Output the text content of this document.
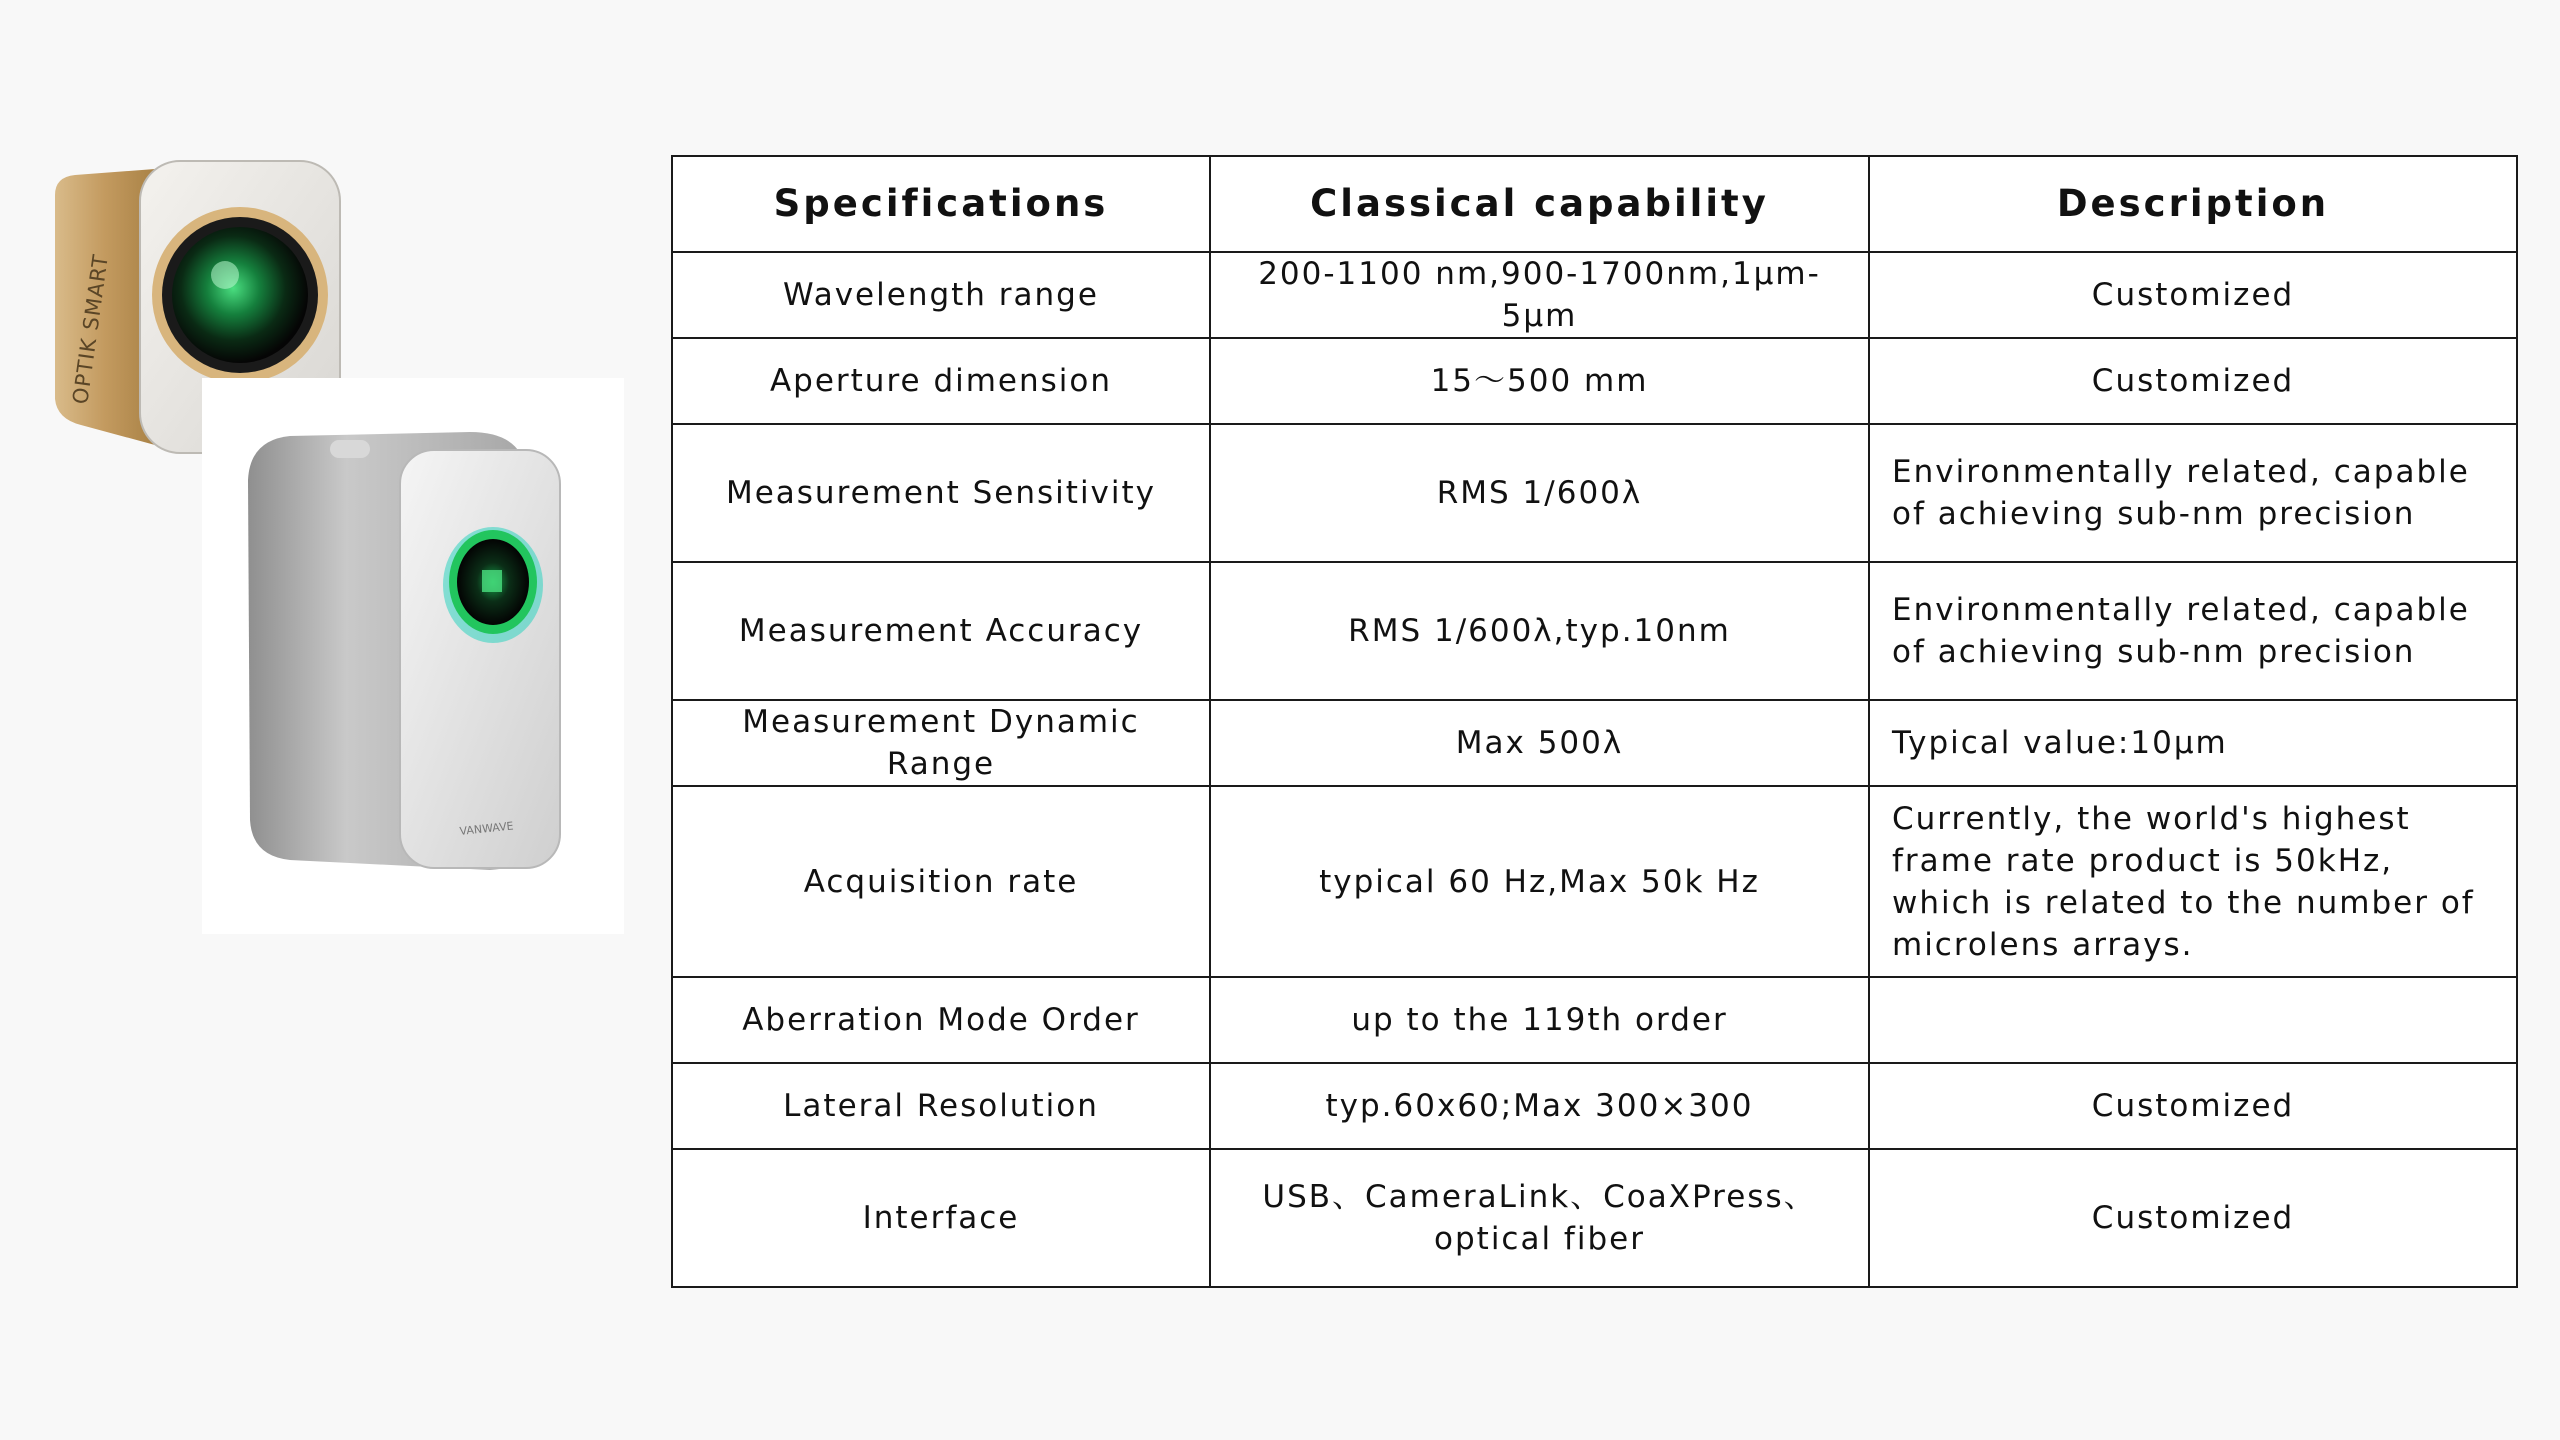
OPTIK SMART
VANWAVE
Specifications	Classical capability	Description
Wavelength range	200-1100 nm,900-1700nm,1μm-5μm	Customized
Aperture dimension	15～500 mm	Customized
Measurement Sensitivity	RMS 1/600λ	Environmentally related, capable of achieving sub-nm precision
Measurement Accuracy	RMS 1/600λ,typ.10nm	Environmentally related, capable of achieving sub-nm precision
Measurement Dynamic Range	Max 500λ	Typical value:10μm
Acquisition rate	typical 60 Hz,Max 50k Hz	Currently, the world's highest frame rate product is 50kHz, which is related to the number of microlens arrays.
Aberration Mode Order	up to the 119th order	
Lateral Resolution	typ.60x60;Max 300×300	Customized
Interface	USB、CameraLink、CoaXPress、optical fiber	Customized
